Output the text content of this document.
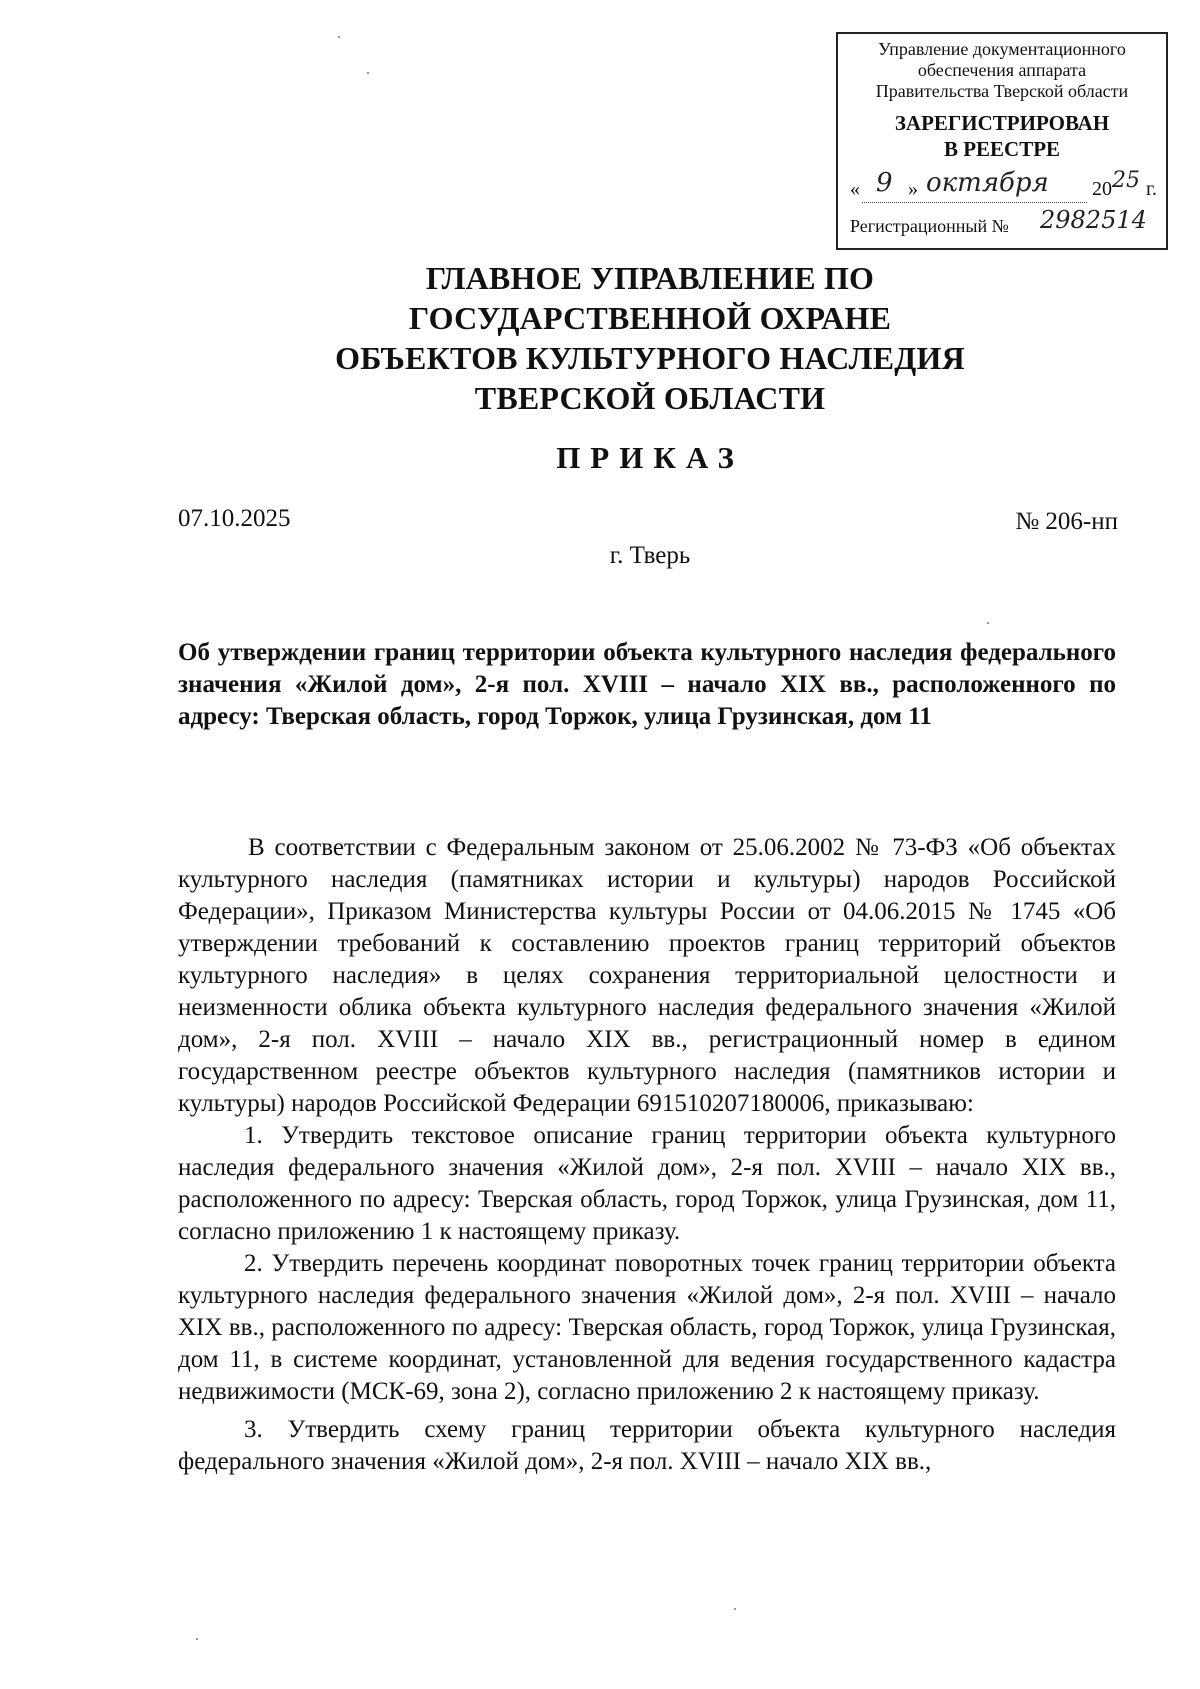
Управление документационного
обеспечения аппарата
Правительства Тверской области
ЗАРЕГИСТРИРОВАН
В РЕЕСТРЕ
« 9 » октября 20 25 г.
Регистрационный № 2982514
ГЛАВНОЕ УПРАВЛЕНИЕ ПО
ГОСУДАРСТВЕННОЙ ОХРАНЕ
ОБЪЕКТОВ КУЛЬТУРНОГО НАСЛЕДИЯ
ТВЕРСКОЙ ОБЛАСТИ
ПРИКАЗ
07.10.2025	№ 206-нп
г. Тверь
Об утверждении границ территории объекта культурного наследия федерального значения «Жилой дом», 2-я пол. XVIII – начало XIX вв., расположенного по адресу: Тверская область, город Торжок, улица Грузинская, дом 11

В соответствии с Федеральным законом от 25.06.2002 № 73-ФЗ «Об объектах культурного наследия (памятниках истории и культуры) народов Российской Федерации», Приказом Министерства культуры России от 04.06.2015 № 1745 «Об утверждении требований к составлению проектов границ территорий объектов культурного наследия» в целях сохранения территориальной целостности и неизменности облика объекта культурного наследия федерального значения «Жилой дом», 2-я пол. XVIII – начало XIX вв., регистрационный номер в едином государственном реестре объектов культурного наследия (памятников истории и культуры) народов Российской Федерации 691510207180006, приказываю:

1. Утвердить текстовое описание границ территории объекта культурного наследия федерального значения «Жилой дом», 2-я пол. XVIII – начало XIX вв., расположенного по адресу: Тверская область, город Торжок, улица Грузинская, дом 11, согласно приложению 1 к настоящему приказу.

2. Утвердить перечень координат поворотных точек границ территории объекта культурного наследия федерального значения «Жилой дом», 2-я пол. XVIII – начало XIX вв., расположенного по адресу: Тверская область, город Торжок, улица Грузинская, дом 11, в системе координат, установленной для ведения государственного кадастра недвижимости (МСК-69, зона 2), согласно приложению 2 к настоящему приказу.

3. Утвердить схему границ территории объекта культурного наследия федерального значения «Жилой дом», 2-я пол. XVIII – начало XIX вв.,
